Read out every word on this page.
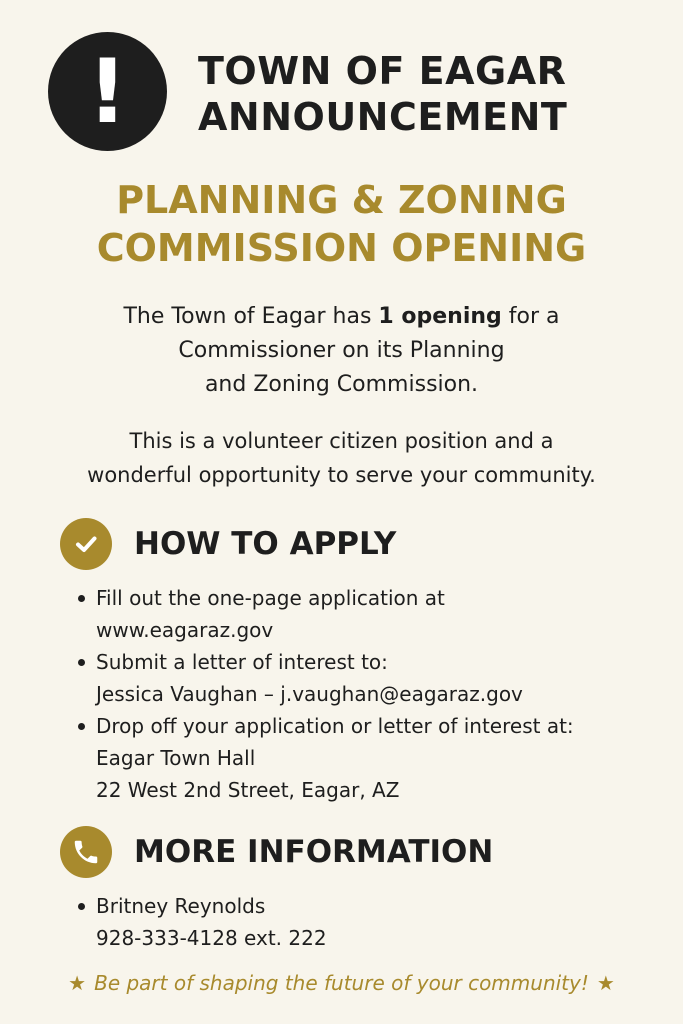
! TOWN OF EAGAR
ANNOUNCEMENT
PLANNING & ZONING
COMMISSION OPENING
The Town of Eagar has 1 opening for a
Commissioner on its Planning
and Zoning Commission.
This is a volunteer citizen position and a
wonderful opportunity to serve your community.
HOW TO APPLY
Fill out the one-page application at
www.eagaraz.gov
Submit a letter of interest to:
Jessica Vaughan – j.vaughan@eagaraz.gov
Drop off your application or letter of interest at:
Eagar Town Hall
22 West 2nd Street, Eagar, AZ
MORE INFORMATION
Britney Reynolds
928-333-4128 ext. 222
★ Be part of shaping the future of your community! ★
